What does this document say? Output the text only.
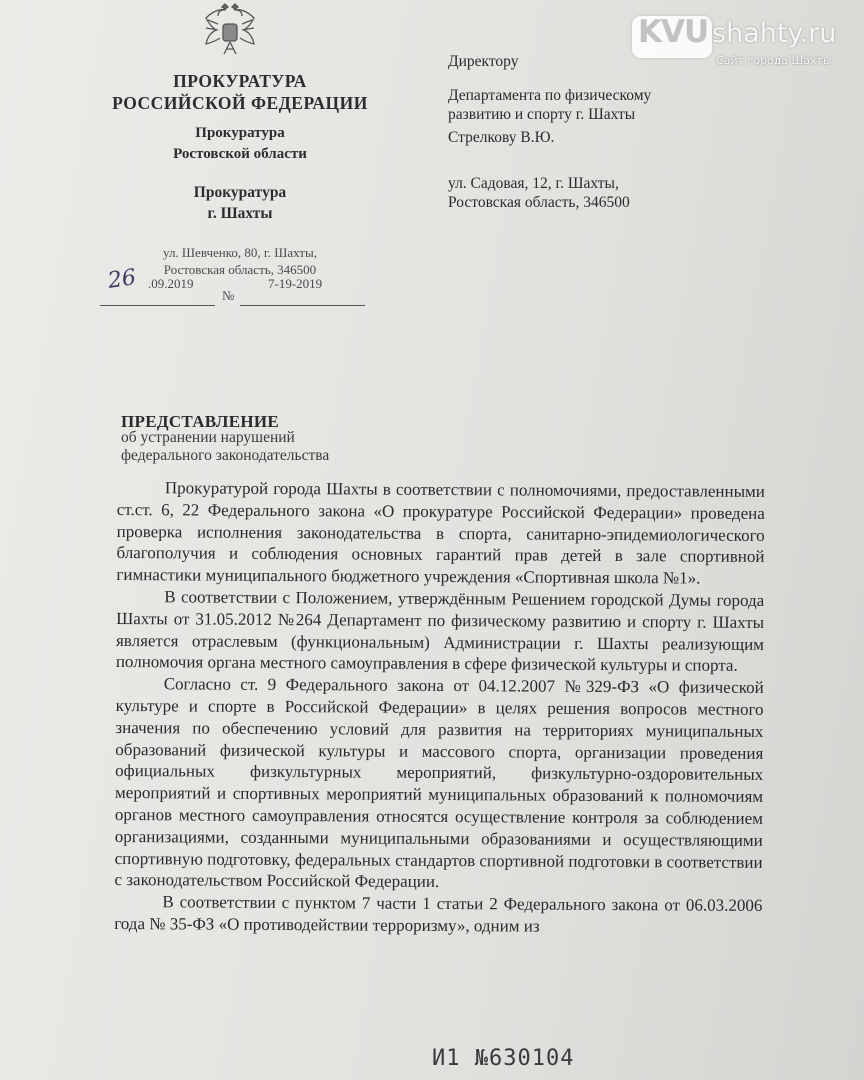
ПРОКУРАТУРА
РОССИЙСКОЙ ФЕДЕРАЦИИ
Прокуратура
Ростовской области
Прокуратура
г. Шахты
ул. Шевченко, 80, г. Шахты,
Ростовская область, 346500
26 .09.2019
№
7-19-2019
Директору
Департамента по физическому
развитию и спорту г. Шахты
Стрелкову В.Ю.
ул. Садовая, 12, г. Шахты,
Ростовская область, 346500
KVU shahty.ru
Сайт города Шахты
ПРЕДСТАВЛЕНИЕ
об устранении нарушений
федерального законодательства

Прокуратурой города Шахты в соответствии с полномочиями, предоставленными ст.ст. 6, 22 Федерального закона «О прокуратуре Российской Федерации» проведена проверка исполнения законодательства в спорта, санитарно-эпидемиологического благополучия и соблюдения основных гарантий прав детей в зале спортивной гимнастики муниципального бюджетного учреждения «Спортивная школа №1».

В соответствии с Положением, утверждённым Решением городской Думы города Шахты от 31.05.2012 №264 Департамент по физическому развитию и спорту г. Шахты является отраслевым (функциональным) Администрации г. Шахты реализующим полномочия органа местного самоуправления в сфере физической культуры и спорта.

Согласно ст. 9 Федерального закона от 04.12.2007 №329-ФЗ «О физической культуре и спорте в Российской Федерации» в целях решения вопросов местного значения по обеспечению условий для развития на территориях муниципальных образований физической культуры и массового спорта, организации проведения официальных физкультурных мероприятий, физкультурно-оздоровительных мероприятий и спортивных мероприятий муниципальных образований к полномочиям органов местного самоуправления относятся осуществление контроля за соблюдением организациями, созданными муниципальными образованиями и осуществляющими спортивную подготовку, федеральных стандартов спортивной подготовки в соответствии с законодательством Российской Федерации.

В соответствии с пунктом 7 части 1 статьи 2 Федерального закона от 06.03.2006 года № 35-ФЗ «О противодействии терроризму», одним из

И1 №630104
